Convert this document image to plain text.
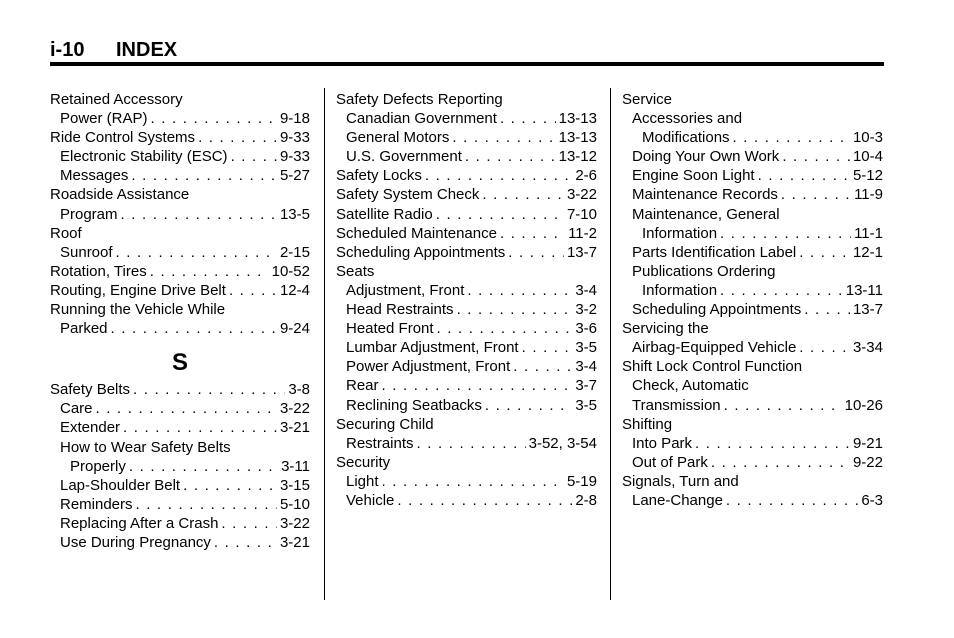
i-10 INDEX
Retained Accessory
Power (RAP) . . .	9-18
Ride Control Systems . . .	9-33
Electronic Stability (ESC) . . .	9-33
Messages . . .	5-27
Roadside Assistance
Program . . .	13-5
Roof
Sunroof . . .	2-15
Rotation, Tires . . .	10-52
Routing, Engine Drive Belt . . .	12-4
Running the Vehicle While
Parked . . .	9-24
S
Safety Belts . . .	3-8
Care . . .	3-22
Extender . . .	3-21
How to Wear Safety Belts
Properly . . .	3-11
Lap-Shoulder Belt . . .	3-15
Reminders . . .	5-10
Replacing After a Crash . . .	3-22
Use During Pregnancy . . .	3-21
Safety Defects Reporting
Canadian Government . . .	13-13
General Motors . . .	13-13
U.S. Government . . .	13-12
Safety Locks . . .	2-6
Safety System Check . . .	3-22
Satellite Radio . . .	7-10
Scheduled Maintenance . . .	11-2
Scheduling Appointments . . .	13-7
Seats
Adjustment, Front . . .	3-4
Head Restraints . . .	3-2
Heated Front . . .	3-6
Lumbar Adjustment, Front . . .	3-5
Power Adjustment, Front . . .	3-4
Rear . . .	3-7
Reclining Seatbacks . . .	3-5
Securing Child
Restraints . . .	3-52, 3-54
Security
Light . . .	5-19
Vehicle . . .	2-8
Service
Accessories and
Modifications . . .	10-3
Doing Your Own Work . . .	10-4
Engine Soon Light . . .	5-12
Maintenance Records . . .	11-9
Maintenance, General
Information . . .	11-1
Parts Identification Label . . .	12-1
Publications Ordering
Information . . .	13-11
Scheduling Appointments . . .	13-7
Servicing the
Airbag-Equipped Vehicle . . .	3-34
Shift Lock Control Function
Check, Automatic
Transmission . . .	10-26
Shifting
Into Park . . .	9-21
Out of Park . . .	9-22
Signals, Turn and
Lane-Change . . .	6-3
